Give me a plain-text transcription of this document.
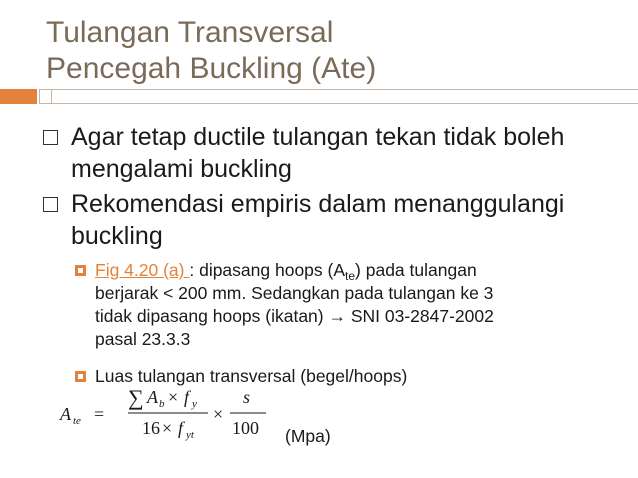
Tulangan Transversal
Pencegah Buckling (Ate)
Agar tetap ductile tulangan tekan tidak boleh
mengalami buckling
Rekomendasi empiris dalam menanggulangi
buckling
Fig 4.20 (a) : dipasang hoops $(A_{te})$ pada tulangan
berjarak < 200 mm. Sedangkan pada tulangan ke 3
tidak dipasang hoops (ikatan) → SNI 03-2847-2002
pasal 23.3.3
Luas tulangan transversal (begel/hoops)
A te =
∑ A b × f y
16 × f yt
×
s
100 (Mpa)
